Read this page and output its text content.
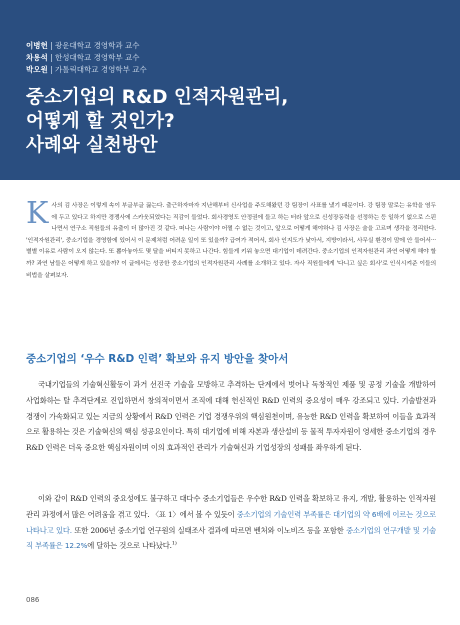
이병헌 | 광운대학교 경영학과 교수
차용석 | 한성대학교 경영학부 교수
박오원 | 가톨릭대학교 경영학부 교수
중소기업의 R&D 인적자원관리,
어떻게 할 것인가?
사례와 실천방안
K 사의 김 사장은 이렇게 속이 부글부글 끓는다. 출근하자마자 지난해부터 신사업을 주도해왔던 강 팀장이 사표를 냈기 때문이다. 강 팀장 말로는 유학을 염두에 두고 있다고 하지만 경쟁사에 스카웃되었다는 직감이 들었다. 회사경영도 안정권에 들고 하는 터라 앞으로 신성장동력을 선정하는 등 일하기 없으로 스핀나면서 연구소 직원들의 유출이 더 많아진 것 같다. 떠나는 사람이야 어쩔 수 없는 것이고, 앞으로 어떻게 해야하나 김 사장은 술을 고르며 생각을 정리한다. '인적자원관리', 중소기업을 경영함에 있어서 이 문제처럼 어려운 일이 또 있을까? 급여가 적어서, 회사 인지도가 낮아서, 지방이라서, 사무실 환경이 맘에 안 들어서··· 별별 이유로 사람이 오지 않는다. 또 뽑아놓아도 몇 달을 버티지 못하고 나간다. 힘들게 키워 놓으면 대기업이 데려간다. 중소기업의 인적자원관리 과연 어떻게 해야 할까? 과연 남들은 어떻게 하고 있을까? 이 글에서는 성공한 중소기업의 인적자원관리 사례를 소개하고 있다. 자사 직원들에게 '다니고 싶은 회사'로 인식시켜준 이들의 비법을 살펴보자.

중소기업의 ‘우수 R&D 인력’ 확보와 유지 방안을 찾아서

국내기업들의 기술혁신활동이 과거 선진국 기술을 모방하고 추격하는 단계에서 벗어나 독창적인 제품 및 공정 기술을 개발하여 사업화하는 탈 추격단계로 진입하면서 창의적이면서 조직에 대해 헌신적인 R&D 인력의 중요성이 매우 강조되고 있다. 기술발전과 경쟁이 가속화되고 있는 지금의 상황에서 R&D 인력은 기업 경쟁우위의 핵심원천이며, 유능한 R&D 인력을 확보하여 이들을 효과적으로 활용하는 것은 기술혁신의 핵심 성공요인이다. 특히 대기업에 비해 자본과 생산설비 등 물적 투자자원이 영세한 중소기업의 경우 R&D 인력은 더욱 중요한 핵심자원이며 이의 효과적인 관리가 기술혁신과 기업성장의 성패를 좌우하게 된다.

이와 같이 R&D 인력의 중요성에도 불구하고 대다수 중소기업들은 우수한 R&D 인력을 확보하고 유지, 개발, 활용하는 인적자원관리 과정에서 많은 어려움을 겪고 있다. 〈표 1〉에서 볼 수 있듯이 중소기업의 기술인력 부족률은 대기업의 약 6배에 이르는 것으로 나타나고 있다. 또한 2006년 중소기업 연구원의 실태조사 결과에 따르면 벤처와 이노비즈 등을 포함한 중소기업의 연구개발 및 기술직 부족률은 12.2%에 달하는 것으로 나타났다.$^{1)}$

086
